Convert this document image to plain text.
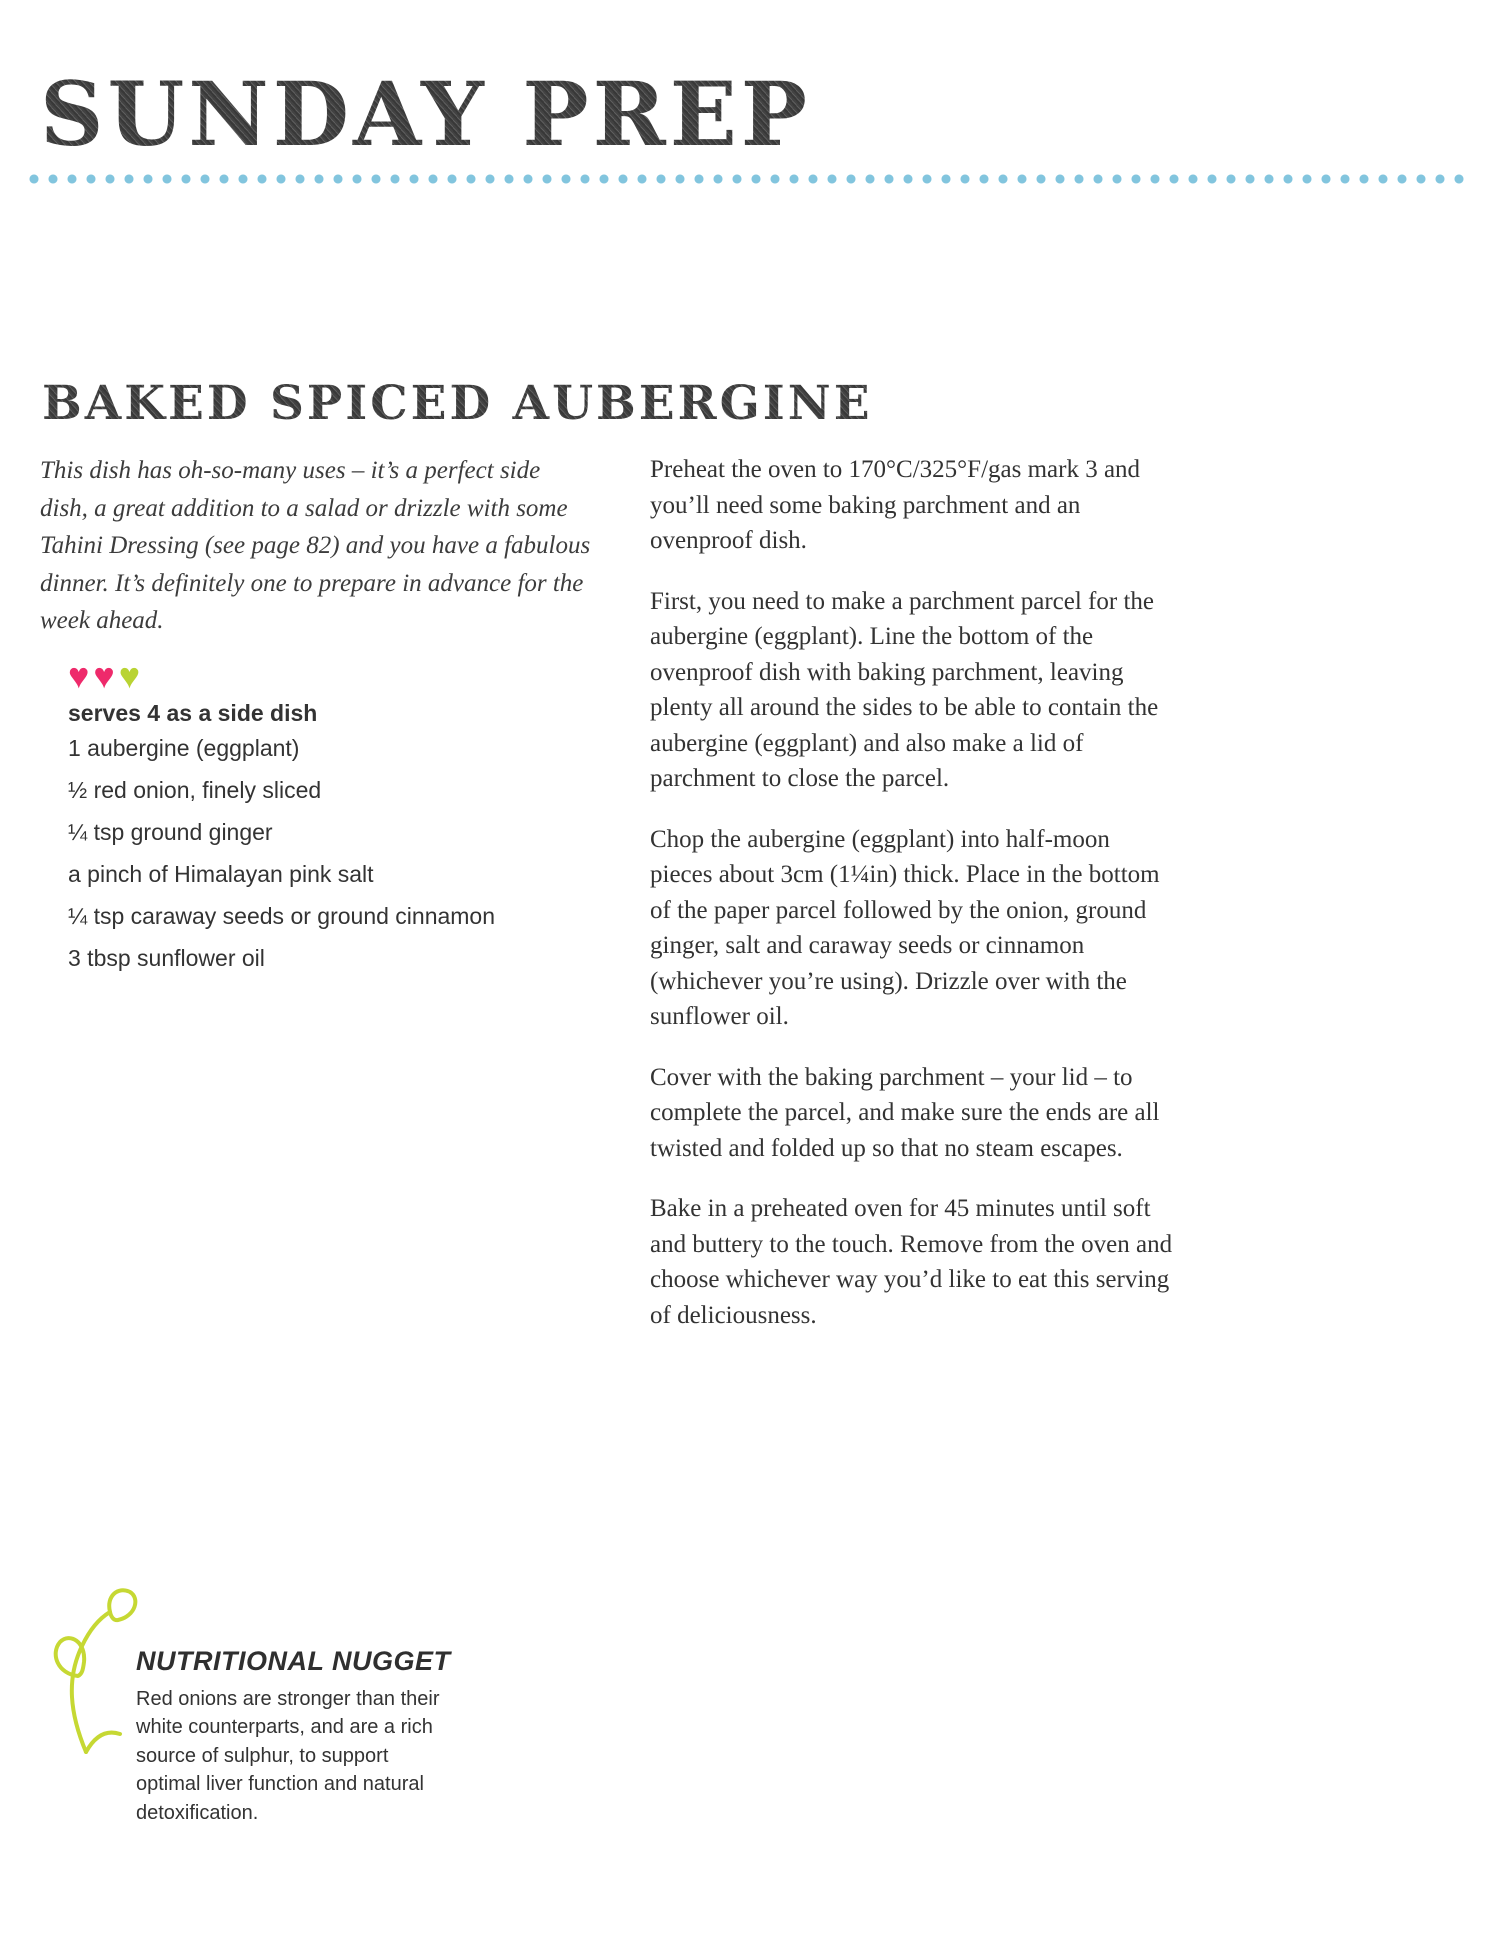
SUNDAY PREP
BAKED SPICED AUBERGINE

This dish has oh-so-many uses – it’s a perfect side dish, a great addition to a salad or drizzle with some Tahini Dressing (see page 82) and you have a fabulous dinner. It’s definitely one to prepare in advance for the week ahead.

♥♥♥
serves 4 as a side dish
1 aubergine (eggplant)
½ red onion, finely sliced
¼ tsp ground ginger
a pinch of Himalayan pink salt
¼ tsp caraway seeds or ground cinnamon
3 tbsp sunflower oil

Preheat the oven to 170°C/325°F/gas mark 3 and you’ll need some baking parchment and an ovenproof dish.

First, you need to make a parchment parcel for the aubergine (eggplant). Line the bottom of the ovenproof dish with baking parchment, leaving plenty all around the sides to be able to contain the aubergine (eggplant) and also make a lid of parchment to close the parcel.

Chop the aubergine (eggplant) into half-moon pieces about 3cm (1¼in) thick. Place in the bottom of the paper parcel followed by the onion, ground ginger, salt and caraway seeds or cinnamon (whichever you’re using). Drizzle over with the sunflower oil.

Cover with the baking parchment – your lid – to complete the parcel, and make sure the ends are all twisted and folded up so that no steam escapes.

Bake in a preheated oven for 45 minutes until soft and buttery to the touch. Remove from the oven and choose whichever way you’d like to eat this serving of deliciousness.

NUTRITIONAL NUGGET

Red onions are stronger than their white counterparts, and are a rich source of sulphur, to support optimal liver function and natural detoxification.
